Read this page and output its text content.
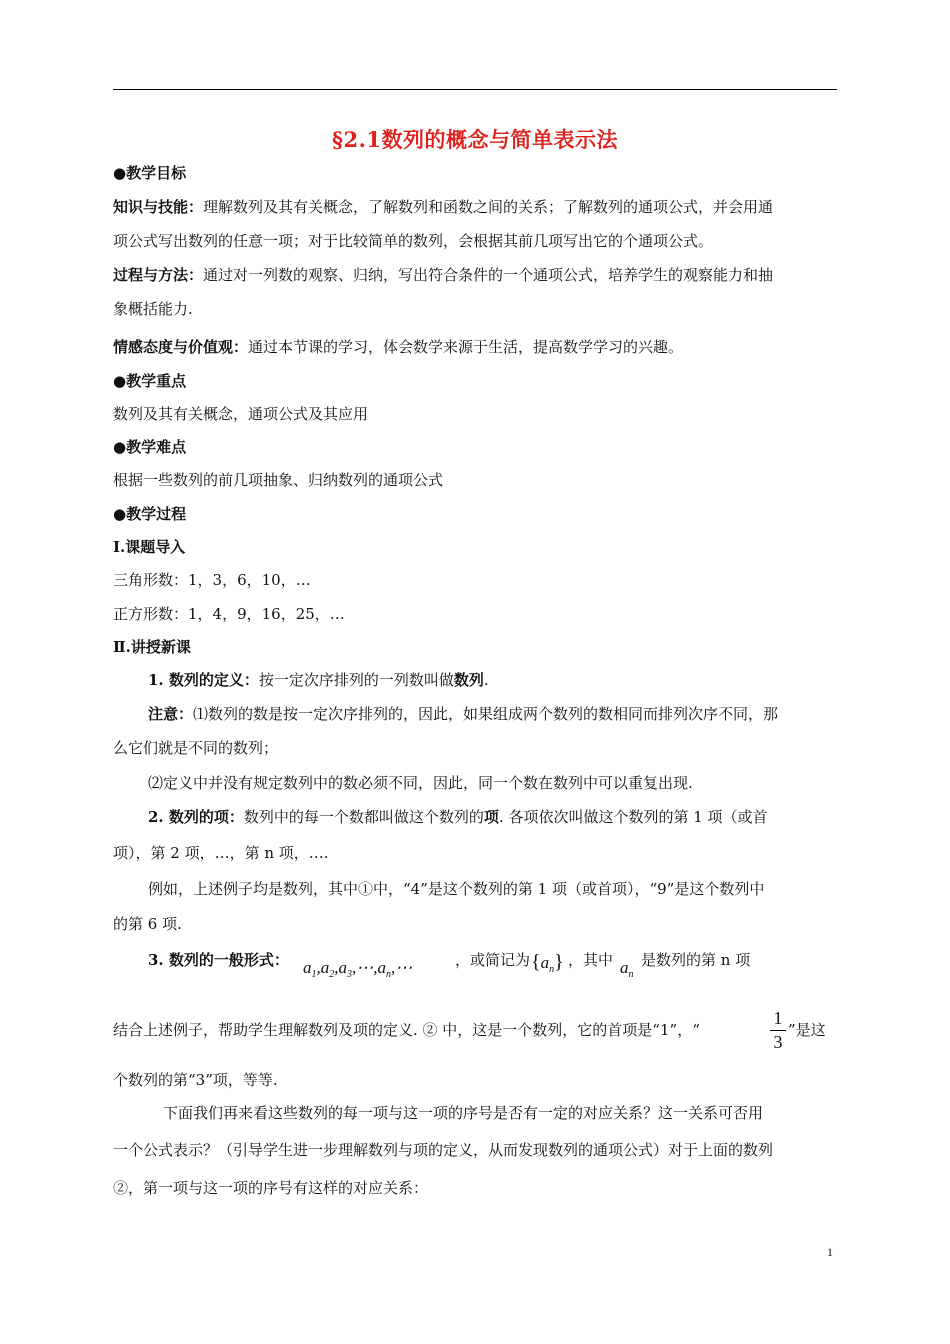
§2.1数列的概念与简单表示法
●教学目标
知识与技能：理解数列及其有关概念，了解数列和函数之间的关系；了解数列的通项公式，并会用通
项公式写出数列的任意一项；对于比较简单的数列，会根据其前几项写出它的个通项公式。
过程与方法：通过对一列数的观察、归纳，写出符合条件的一个通项公式，培养学生的观察能力和抽
象概括能力.
情感态度与价值观：通过本节课的学习，体会数学来源于生活，提高数学学习的兴趣。
●教学重点
数列及其有关概念，通项公式及其应用
●教学难点
根据一些数列的前几项抽象、归纳数列的通项公式
●教学过程
Ⅰ.课题导入
三角形数：1，3，6，10，…
正方形数：1，4，9，16，25，…
Ⅱ.讲授新课
1. 数列的定义：按一定次序排列的一列数叫做数列.
注意：⑴数列的数是按一定次序排列的，因此，如果组成两个数列的数相同而排列次序不同，那
么它们就是不同的数列；
⑵定义中并没有规定数列中的数必须不同，因此，同一个数在数列中可以重复出现.
2. 数列的项：数列中的每一个数都叫做这个数列的项. 各项依次叫做这个数列的第 1 项（或首
项），第 2 项，…，第 n 项，….
例如，上述例子均是数列，其中①中，“4”是这个数列的第 1 项（或首项），“9”是这个数列中
的第 6 项.
3. 数列的一般形式： $a_1,a_2,a_3,\cdots,a_n,\cdots$	，或简记为 $\{a_n\}$ ，其中 $a_n$
是数列的第 n 项
结合上述例子，帮助学生理解数列及项的定义. ② 中，这是一个数列，它的首项是“1”，“
1
3
”是这
个数列的第“3”项，等等.
下面我们再来看这些数列的每一项与这一项的序号是否有一定的对应关系？这一关系可否用
一个公式表示？（引导学生进一步理解数列与项的定义，从而发现数列的通项公式）对于上面的数列
②，第一项与这一项的序号有这样的对应关系：
1
